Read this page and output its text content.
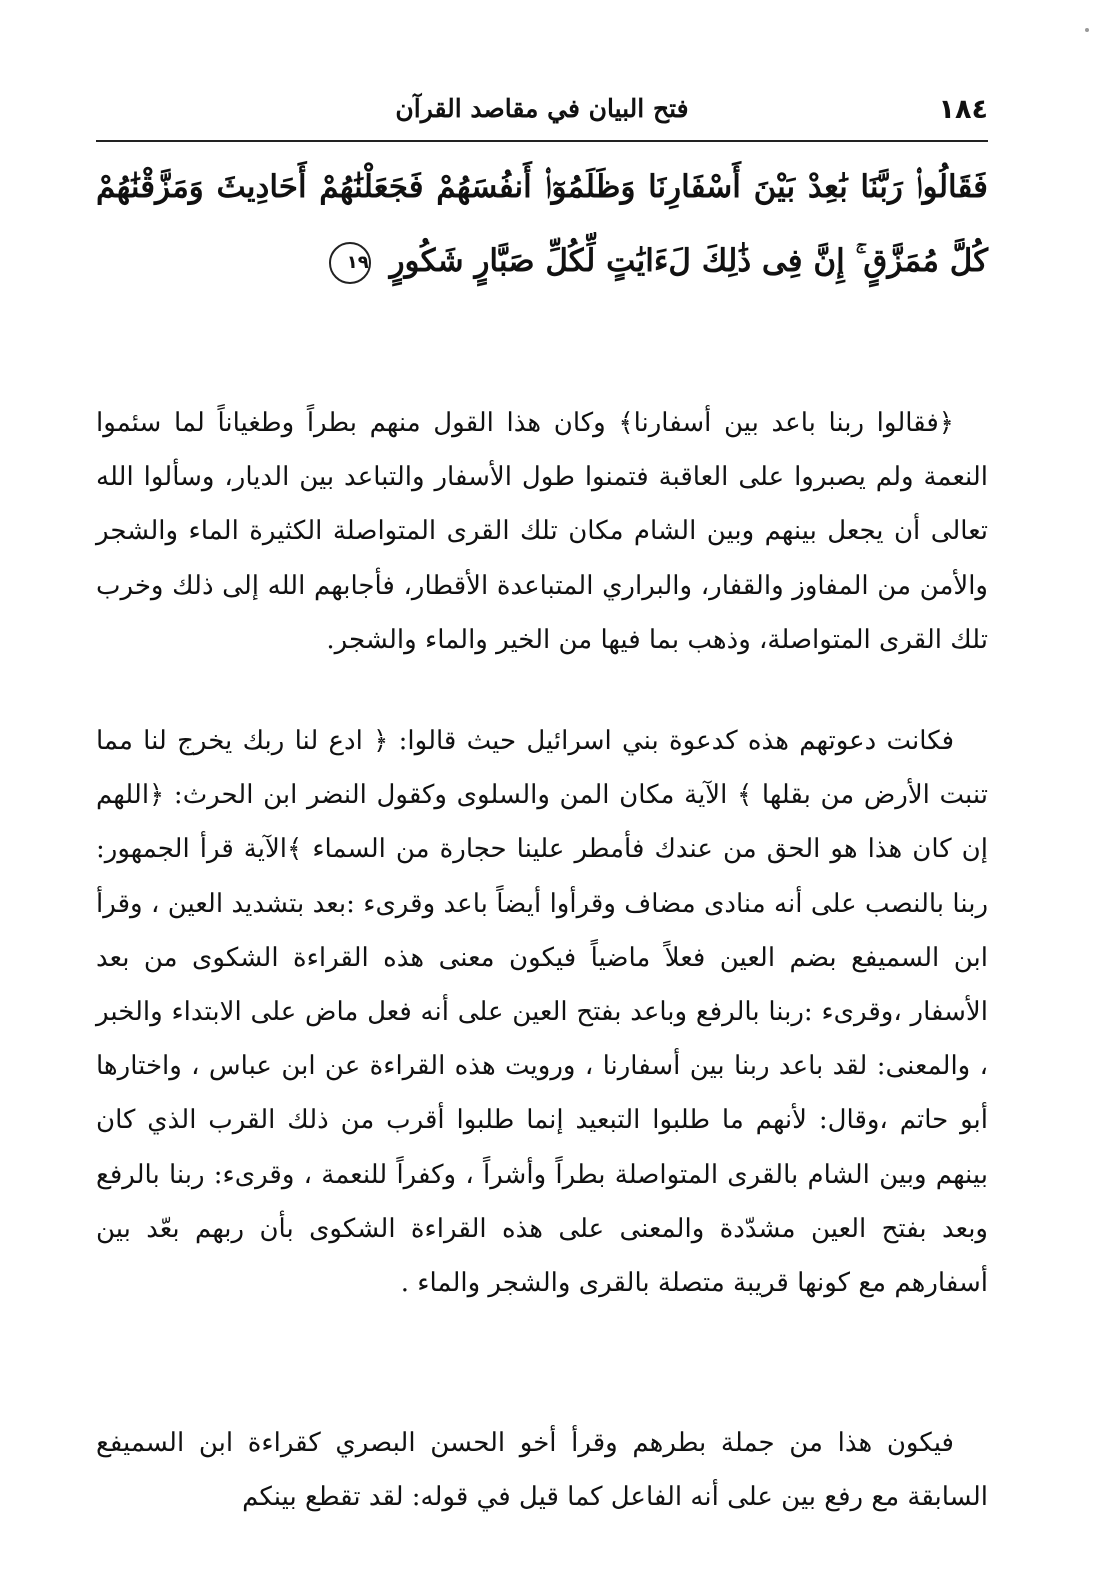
١٨٤
فتح البيان في مقاصد القرآن
فَقَالُوا۟ رَبَّنَا بَٰعِدْ بَيْنَ أَسْفَارِنَا وَظَلَمُوٓا۟ أَنفُسَهُمْ فَجَعَلْنَٰهُمْ أَحَادِيثَ وَمَزَّقْنَٰهُمْ كُلَّ مُمَزَّقٍ ۚ إِنَّ فِى ذَٰلِكَ لَءَايَٰتٍ لِّكُلِّ صَبَّارٍ شَكُورٍ ١٩

﴿فقالوا ربنا باعد بين أسفارنا﴾ وكان هذا القول منهم بطراً وطغياناً لما سئموا النعمة ولم يصبروا على العاقبة فتمنوا طول الأسفار والتباعد بين الديار، وسألوا الله تعالى أن يجعل بينهم وبين الشام مكان تلك القرى المتواصلة الكثيرة الماء والشجر والأمن من المفاوز والقفار، والبراري المتباعدة الأقطار، فأجابهم الله إلى ذلك وخرب تلك القرى المتواصلة، وذهب بما فيها من الخير والماء والشجر.

فكانت دعوتهم هذه كدعوة بني اسرائيل حيث قالوا: ﴿ ادع لنا ربك يخرج لنا مما تنبت الأرض من بقلها ﴾ الآية مكان المن والسلوى وكقول النضر ابن الحرث: ﴿اللهم إن كان هذا هو الحق من عندك فأمطر علينا حجارة من السماء ﴾الآية قرأ الجمهور: ربنا بالنصب على أنه منادى مضاف وقرأوا أيضاً باعد وقرىء :بعد بتشديد العين ، وقرأ ابن السميفع بضم العين فعلاً ماضياً فيكون معنى هذه القراءة الشكوى من بعد الأسفار ،وقرىء :ربنا بالرفع وباعد بفتح العين على أنه فعل ماض على الابتداء والخبر ، والمعنى: لقد باعد ربنا بين أسفارنا ، ورويت هذه القراءة عن ابن عباس ، واختارها أبو حاتم ،وقال: لأنهم ما طلبوا التبعيد إنما طلبوا أقرب من ذلك القرب الذي كان بينهم وبين الشام بالقرى المتواصلة بطراً وأشراً ، وكفراً للنعمة ، وقرىء: ربنا بالرفع وبعد بفتح العين مشدّدة والمعنى على هذه القراءة الشكوى بأن ربهم بعّد بين أسفارهم مع كونها قريبة متصلة بالقرى والشجر والماء .

فيكون هذا من جملة بطرهم وقرأ أخو الحسن البصري كقراءة ابن السميفع السابقة مع رفع بين على أنه الفاعل كما قيل في قوله: لقد تقطع بينكم
